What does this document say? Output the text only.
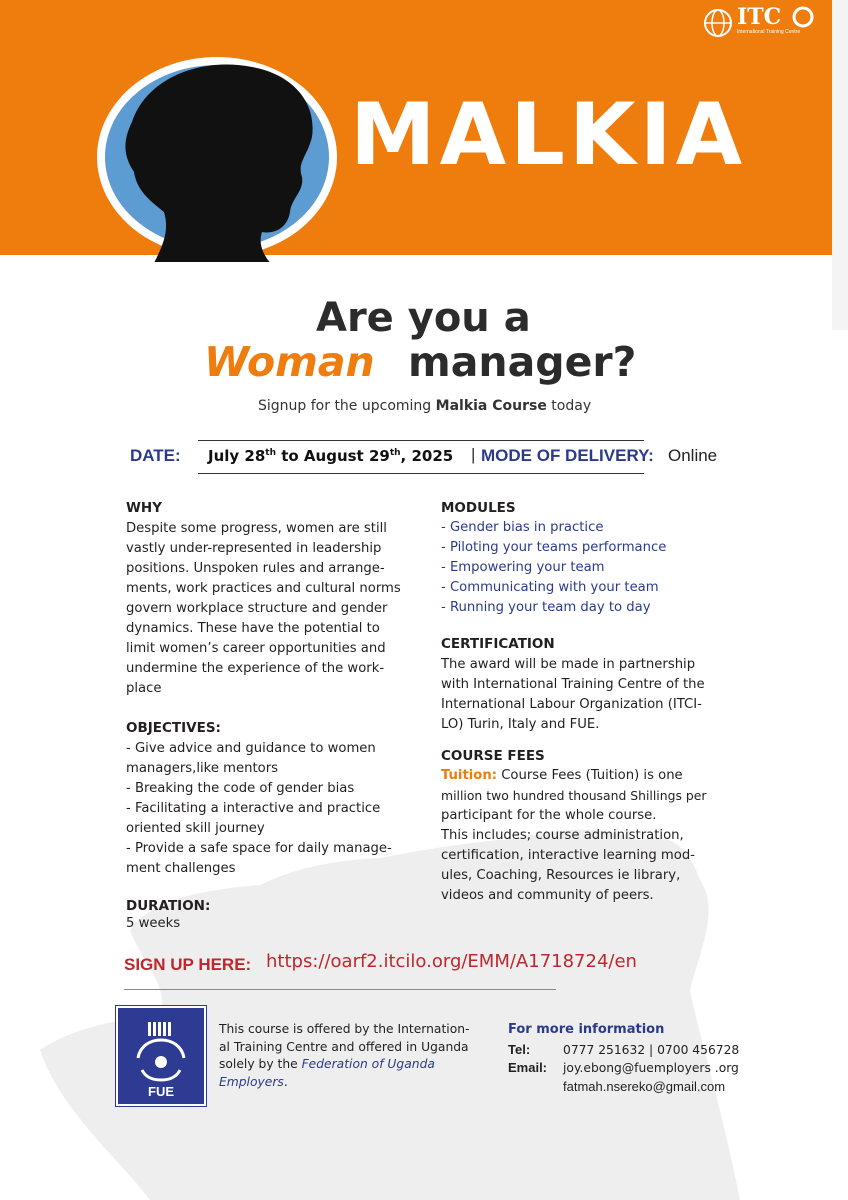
MALKIA
ITC
International Training Centre
Are you a
Woman manager?
Signup for the upcoming Malkia Course today
DATE: July 28th to August 29th, 2025 | MODE OF DELIVERY: Online
WHY
Despite some progress, women are still
vastly under-represented in leadership
positions. Unspoken rules and arrange-
ments, work practices and cultural norms
govern workplace structure and gender
dynamics. These have the potential to
limit women’s career opportunities and
undermine the experience of the work-
place
OBJECTIVES:
- Give advice and guidance to women
managers,like mentors
- Breaking the code of gender bias
- Facilitating a interactive and practice
oriented skill journey
- Provide a safe space for daily manage-
ment challenges
DURATION:
5 weeks
MODULES
- Gender bias in practice
- Piloting your teams performance
- Empowering your team
- Communicating with your team
- Running your team day to day
CERTIFICATION
The award will be made in partnership
with International Training Centre of the
International Labour Organization (ITCI-
LO) Turin, Italy and FUE.
COURSE FEES
Tuition: Course Fees (Tuition) is one
million two hundred thousand Shillings per
participant for the whole course.
This includes; course administration,
certification, interactive learning mod-
ules, Coaching, Resources ie library,
videos and community of peers.
SIGN UP HERE: https://oarf2.itcilo.org/EMM/A1718724/en
FUE
This course is offered by the Internation-
al Training Centre and offered in Uganda
solely by the Federation of Uganda
Employers.
For more information
Tel:	0777 251632 | 0700 456728
Email: joy.ebong@fuemployers .org
fatmah.nsereko@gmail.com
